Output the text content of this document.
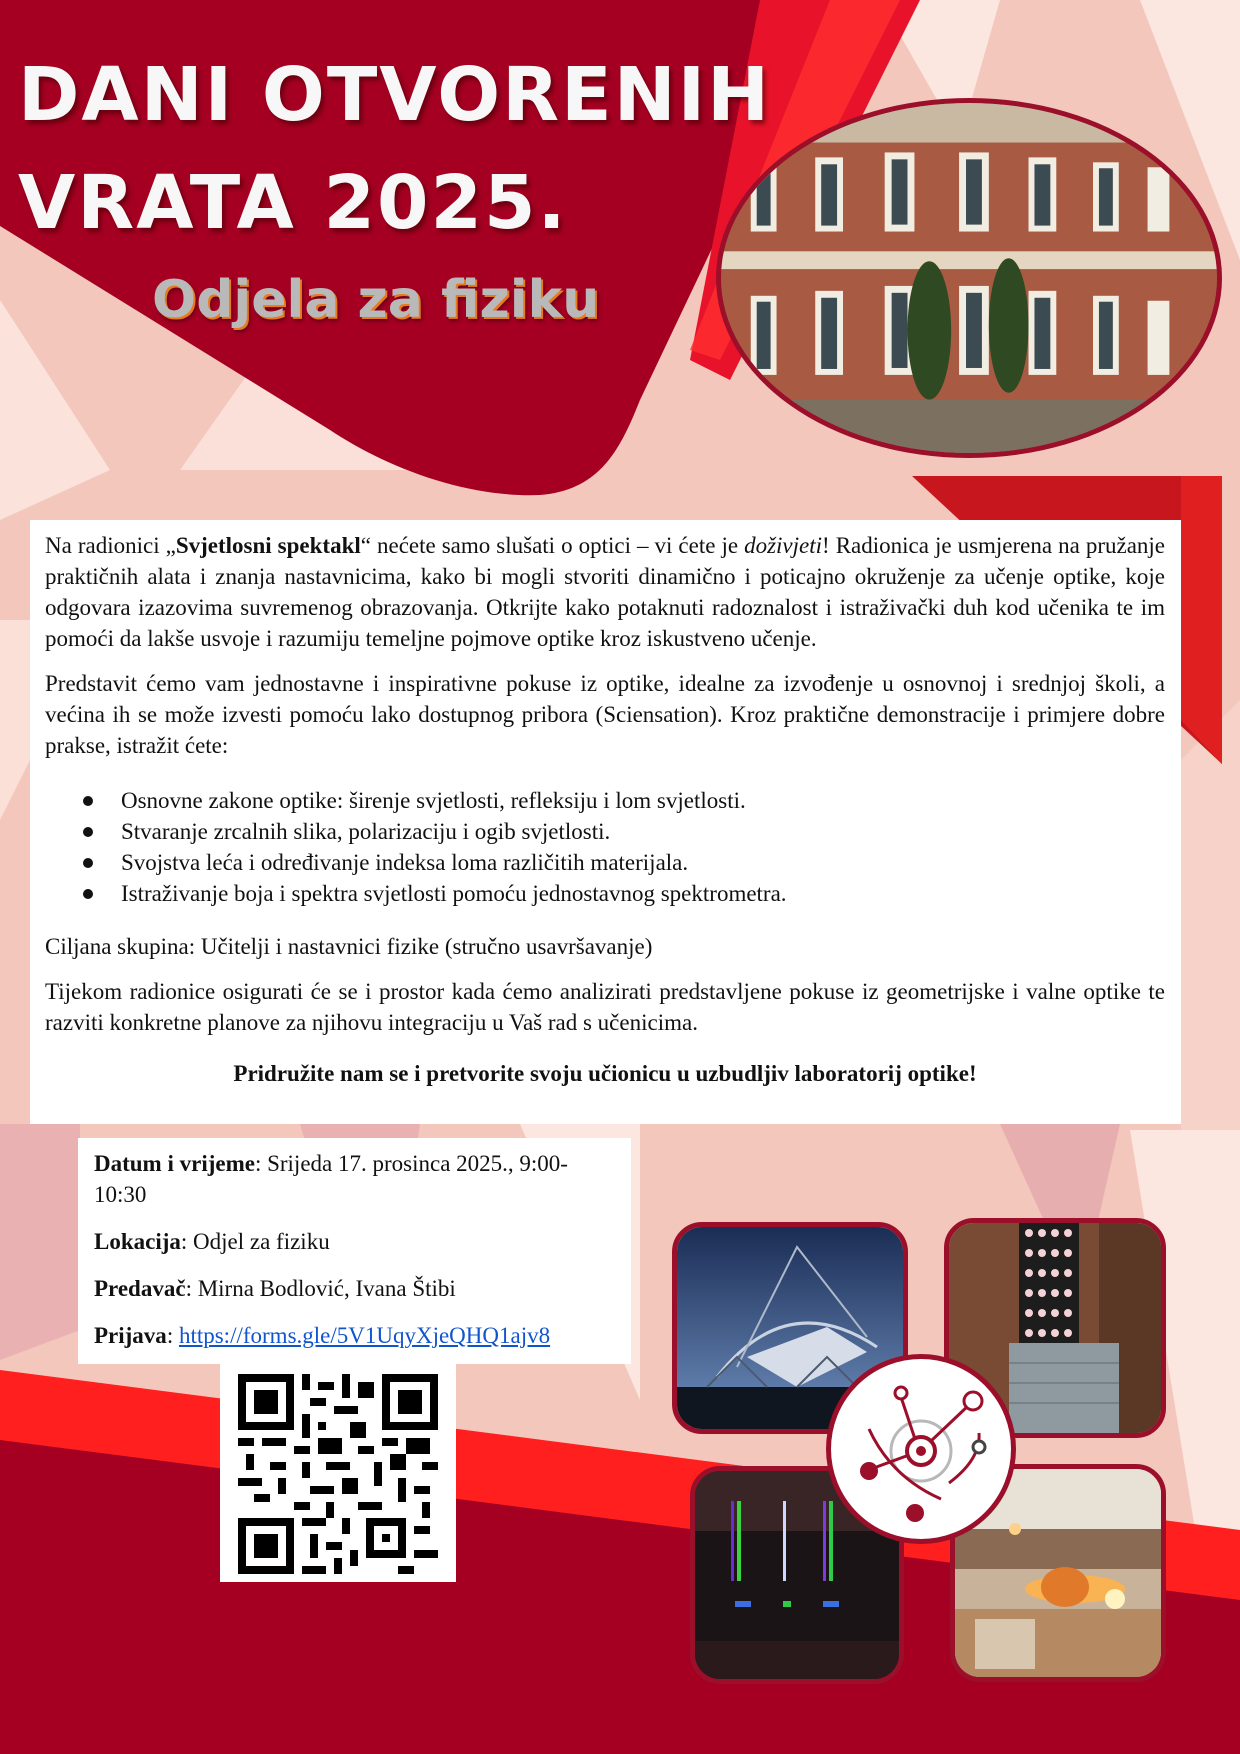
DANI OTVORENIH
VRATA 2025.
Odjela za fiziku

Na radionici „Svjetlosni spektakl“ nećete samo slušati o optici – vi ćete je doživjeti! Radionica je usmjerena na pružanje praktičnih alata i znanja nastavnicima, kako bi mogli stvoriti dinamično i poticajno okruženje za učenje optike, koje odgovara izazovima suvremenog obrazovanja. Otkrijte kako potaknuti radoznalost i istraživački duh kod učenika te im pomoći da lakše usvoje i razumiju temeljne pojmove optike kroz iskustveno učenje.

Predstavit ćemo vam jednostavne i inspirativne pokuse iz optike, idealne za izvođenje u osnovnoj i srednjoj školi, a većina ih se može izvesti pomoću lako dostupnog pribora (Sciensation). Kroz praktične demonstracije i primjere dobre prakse, istražit ćete:

Osnovne zakone optike: širenje svjetlosti, refleksiju i lom svjetlosti.
Stvaranje zrcalnih slika, polarizaciju i ogib svjetlosti.
Svojstva leća i određivanje indeksa loma različitih materijala.
Istraživanje boja i spektra svjetlosti pomoću jednostavnog spektrometra.

Ciljana skupina: Učitelji i nastavnici fizike (stručno usavršavanje)

Tijekom radionice osigurati će se i prostor kada ćemo analizirati predstavljene pokuse iz geometrijske i valne optike te razviti konkretne planove za njihovu integraciju u Vaš rad s učenicima.

Pridružite nam se i pretvorite svoju učionicu u uzbudljiv laboratorij optike!

Datum i vrijeme: Srijeda 17. prosinca 2025., 9:00-10:30

Lokacija: Odjel za fiziku

Predavač: Mirna Bodlović, Ivana Štibi

Prijava: https://forms.gle/5V1UqyXjeQHQ1ajv8
